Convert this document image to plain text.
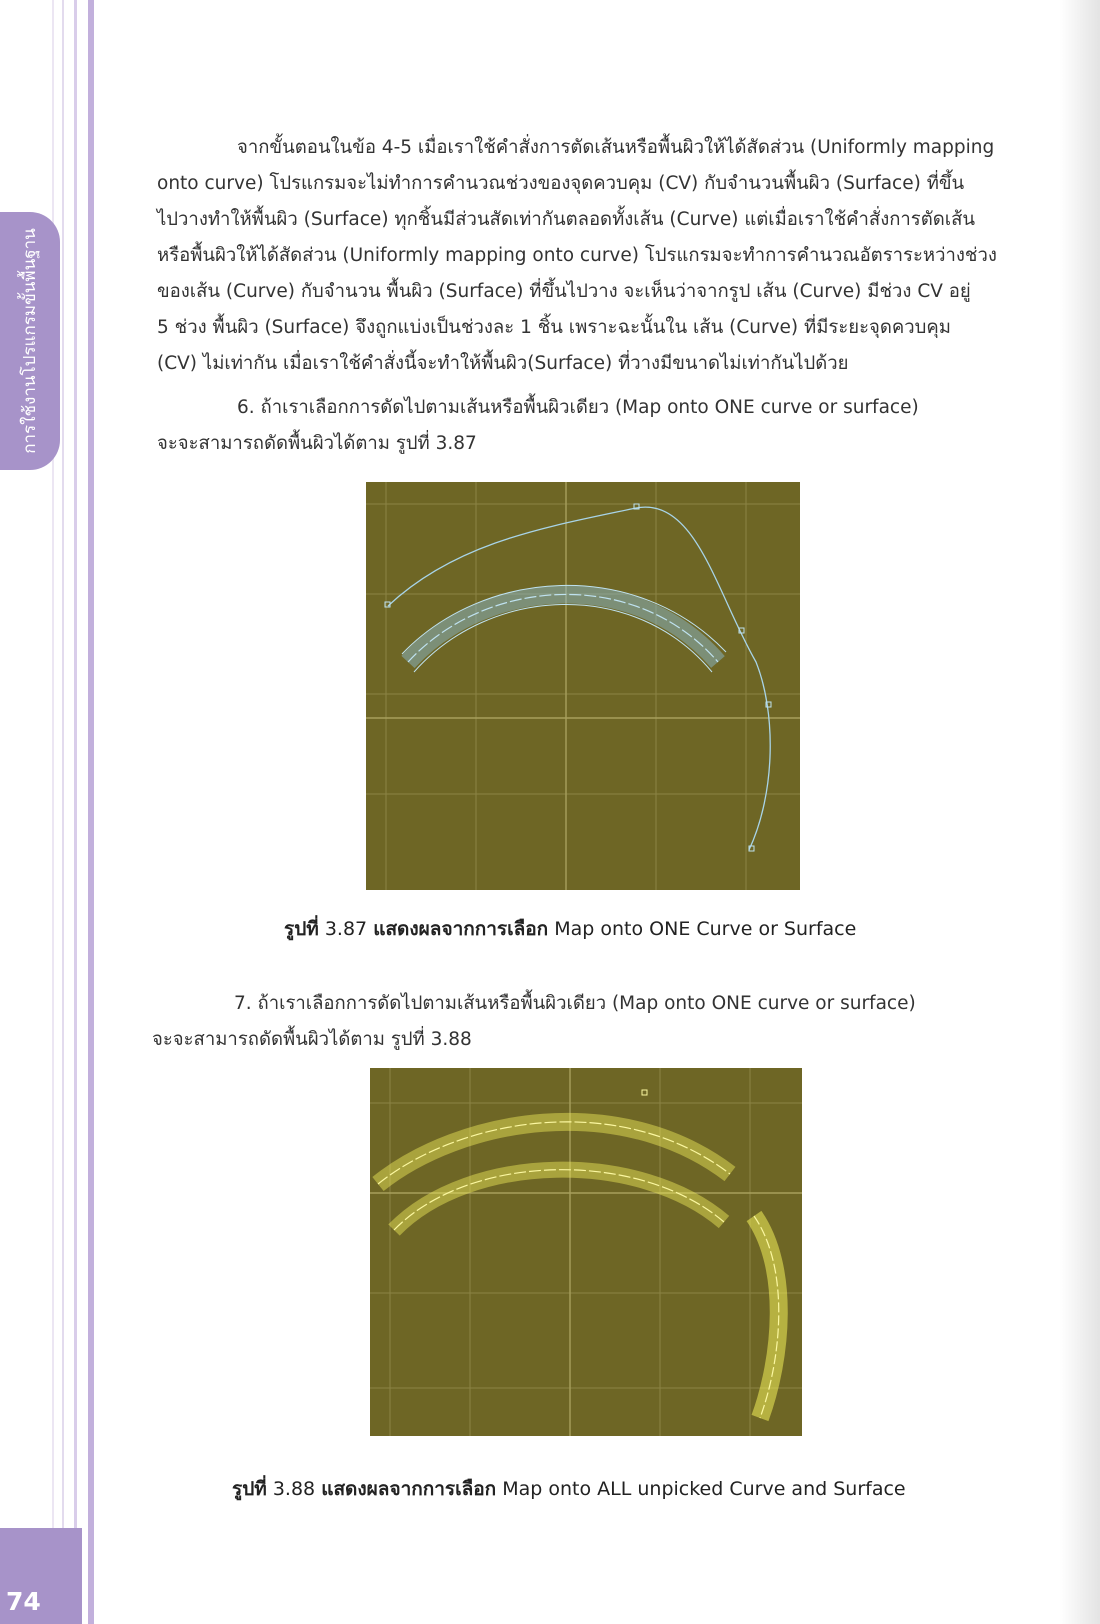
การใช้งานโปรแกรมขั้นพื้นฐาน
74
จากขั้นตอนในข้อ 4-5 เมื่อเราใช้คำสั่งการตัดเส้นหรือพื้นผิวให้ได้สัดส่วน (Uniformly mapping
onto curve) โปรแกรมจะไม่ทำการคำนวณช่วงของจุดควบคุม (CV) กับจำนวนพื้นผิว (Surface) ที่ขึ้น
ไปวางทำให้พื้นผิว (Surface) ทุกชิ้นมีส่วนสัดเท่ากันตลอดทั้งเส้น (Curve) แต่เมื่อเราใช้คำสั่งการตัดเส้น
หรือพื้นผิวให้ได้สัดส่วน (Uniformly mapping onto curve) โปรแกรมจะทำการคำนวณอัตราระหว่างช่วง
ของเส้น (Curve) กับจำนวน พื้นผิว (Surface) ที่ขึ้นไปวาง จะเห็นว่าจากรูป เส้น (Curve) มีช่วง CV อยู่
5 ช่วง พื้นผิว (Surface) จึงถูกแบ่งเป็นช่วงละ 1 ชิ้น เพราะฉะนั้นใน เส้น (Curve) ที่มีระยะจุดควบคุม
(CV) ไม่เท่ากัน เมื่อเราใช้คำสั่งนี้จะทำให้พื้นผิว(Surface) ที่วางมีขนาดไม่เท่ากันไปด้วย
6. ถ้าเราเลือกการดัดไปตามเส้นหรือพื้นผิวเดียว (Map onto ONE curve or surface)
จะจะสามารถดัดพื้นผิวได้ตาม รูปที่ 3.87
รูปที่ 3.87 แสดงผลจากการเลือก Map onto ONE Curve or Surface
7. ถ้าเราเลือกการดัดไปตามเส้นหรือพื้นผิวเดียว (Map onto ONE curve or surface)
จะจะสามารถดัดพื้นผิวได้ตาม รูปที่ 3.88
รูปที่ 3.88 แสดงผลจากการเลือก Map onto ALL unpicked Curve and Surface
